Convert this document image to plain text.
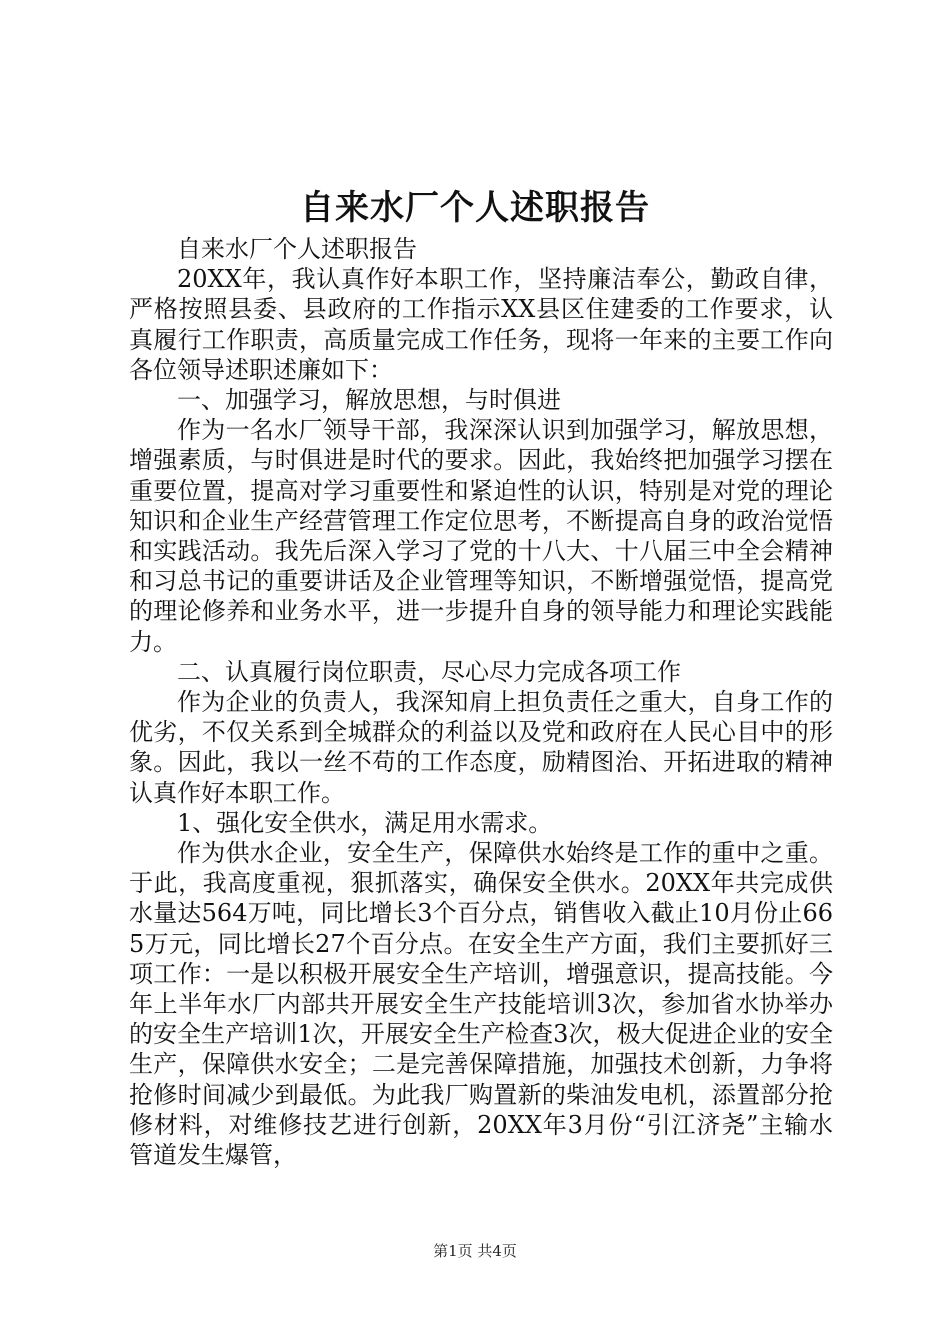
自来水厂个人述职报告

自来水厂个人述职报告

20XX年，我认真作好本职工作，坚持廉洁奉公，勤政自律，严格按照县委、县政府的工作指示XX县区住建委的工作要求，认真履行工作职责，高质量完成工作任务，现将一年来的主要工作向各位领导述职述廉如下：

一、加强学习，解放思想，与时俱进

作为一名水厂领导干部，我深深认识到加强学习，解放思想，增强素质，与时俱进是时代的要求。因此，我始终把加强学习摆在重要位置，提高对学习重要性和紧迫性的认识，特别是对党的理论知识和企业生产经营管理工作定位思考，不断提高自身的政治觉悟和实践活动。我先后深入学习了党的十八大、十八届三中全会精神和习总书记的重要讲话及企业管理等知识，不断增强觉悟，提高党的理论修养和业务水平，进一步提升自身的领导能力和理论实践能力。

二、认真履行岗位职责，尽心尽力完成各项工作

作为企业的负责人，我深知肩上担负责任之重大，自身工作的优劣，不仅关系到全城群众的利益以及党和政府在人民心目中的形象。因此，我以一丝不苟的工作态度，励精图治、开拓进取的精神认真作好本职工作。

1、强化安全供水，满足用水需求。

作为供水企业，安全生产，保障供水始终是工作的重中之重。于此，我高度重视，狠抓落实，确保安全供水。20XX年共完成供水量达564万吨，同比增长3个百分点，销售收入截止10月份止665万元，同比增长27个百分点。在安全生产方面，我们主要抓好三项工作：一是以积极开展安全生产培训，增强意识，提高技能。今年上半年水厂内部共开展安全生产技能培训3次，参加省水协举办的安全生产培训1次，开展安全生产检查3次，极大促进企业的安全生产，保障供水安全；二是完善保障措施，加强技术创新，力争将抢修时间减少到最低。为此我厂购置新的柴油发电机，添置部分抢修材料，对维修技艺进行创新，20XX年3月份“引江济尧”主输水管道发生爆管，

第1页 共4页
